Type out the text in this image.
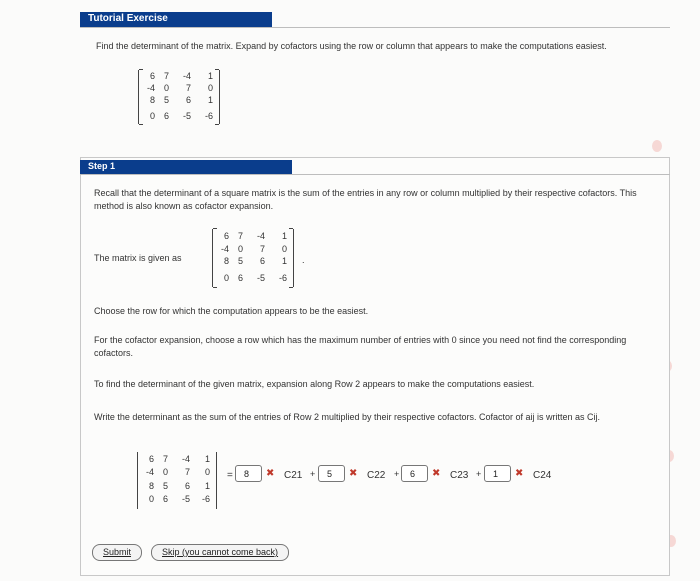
Tutorial Exercise
Find the determinant of the matrix. Expand by cofactors using the row or column that appears to make the computations easiest.
6 7	-4	1
-4 0	7	0
8 5	6	1
0 6	-5	-6
Step 1
Recall that the determinant of a square matrix is the sum of the entries in any row or column multiplied by their respective cofactors. This method is also known as cofactor expansion.
The matrix is given as
6 7	-4	1
-4 0	7	0
8 5	6	1
0 6	-5	-6
.
Choose the row for which the computation appears to be the easiest.
For the cofactor expansion, choose a row which has the maximum number of entries with 0 since you need not find the corresponding cofactors.
To find the determinant of the given matrix, expansion along Row 2 appears to make the computations easiest.
Write the determinant as the sum of the entries of Row 2 multiplied by their respective cofactors. Cofactor of aij is written as Cij.
6 7	-4	1
-4 0	7	0
8 5	6	1
0 6	-5	-6
=	8	✖ C21 +	5	✖ C22 +	6	✖ C23 +	1	✖ C24
Submit	Skip (you cannot come back)
